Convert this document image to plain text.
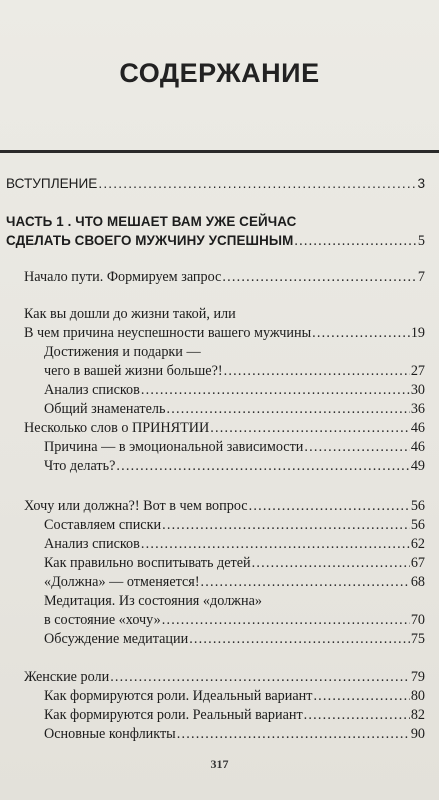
СОДЕРЖАНИЕ
ВСТУПЛЕНИЕ .....	3
ЧАСТЬ 1 . ЧТО МЕШАЕТ ВАМ УЖЕ СЕЙЧАС
СДЕЛАТЬ СВОЕГО МУЖЧИНУ УСПЕШНЫМ .....	5
Начало пути. Формируем запрос .....	7
Как вы дошли до жизни такой, или
В чем причина неуспешности вашего мужчины .....	19
Достижения и подарки —
чего в вашей жизни больше?! .....	27
Анализ списков .....	30
Общий знаменатель .....	36
Несколько слов о ПРИНЯТИИ .....	46
Причина — в эмоциональной зависимости .....	46
Что делать? .....	49
Хочу или должна?! Вот в чем вопрос .....	56
Составляем списки .....	56
Анализ списков .....	62
Как правильно воспитывать детей .....	67
«Должна» — отменяется! .....	68
Медитация. Из состояния «должна»
в состояние «хочу» .....	70
Обсуждение медитации .....	75
Женские роли .....	79
Как формируются роли. Идеальный вариант .....	80
Как формируются роли. Реальный вариант .....	82
Основные конфликты .....	90
317
